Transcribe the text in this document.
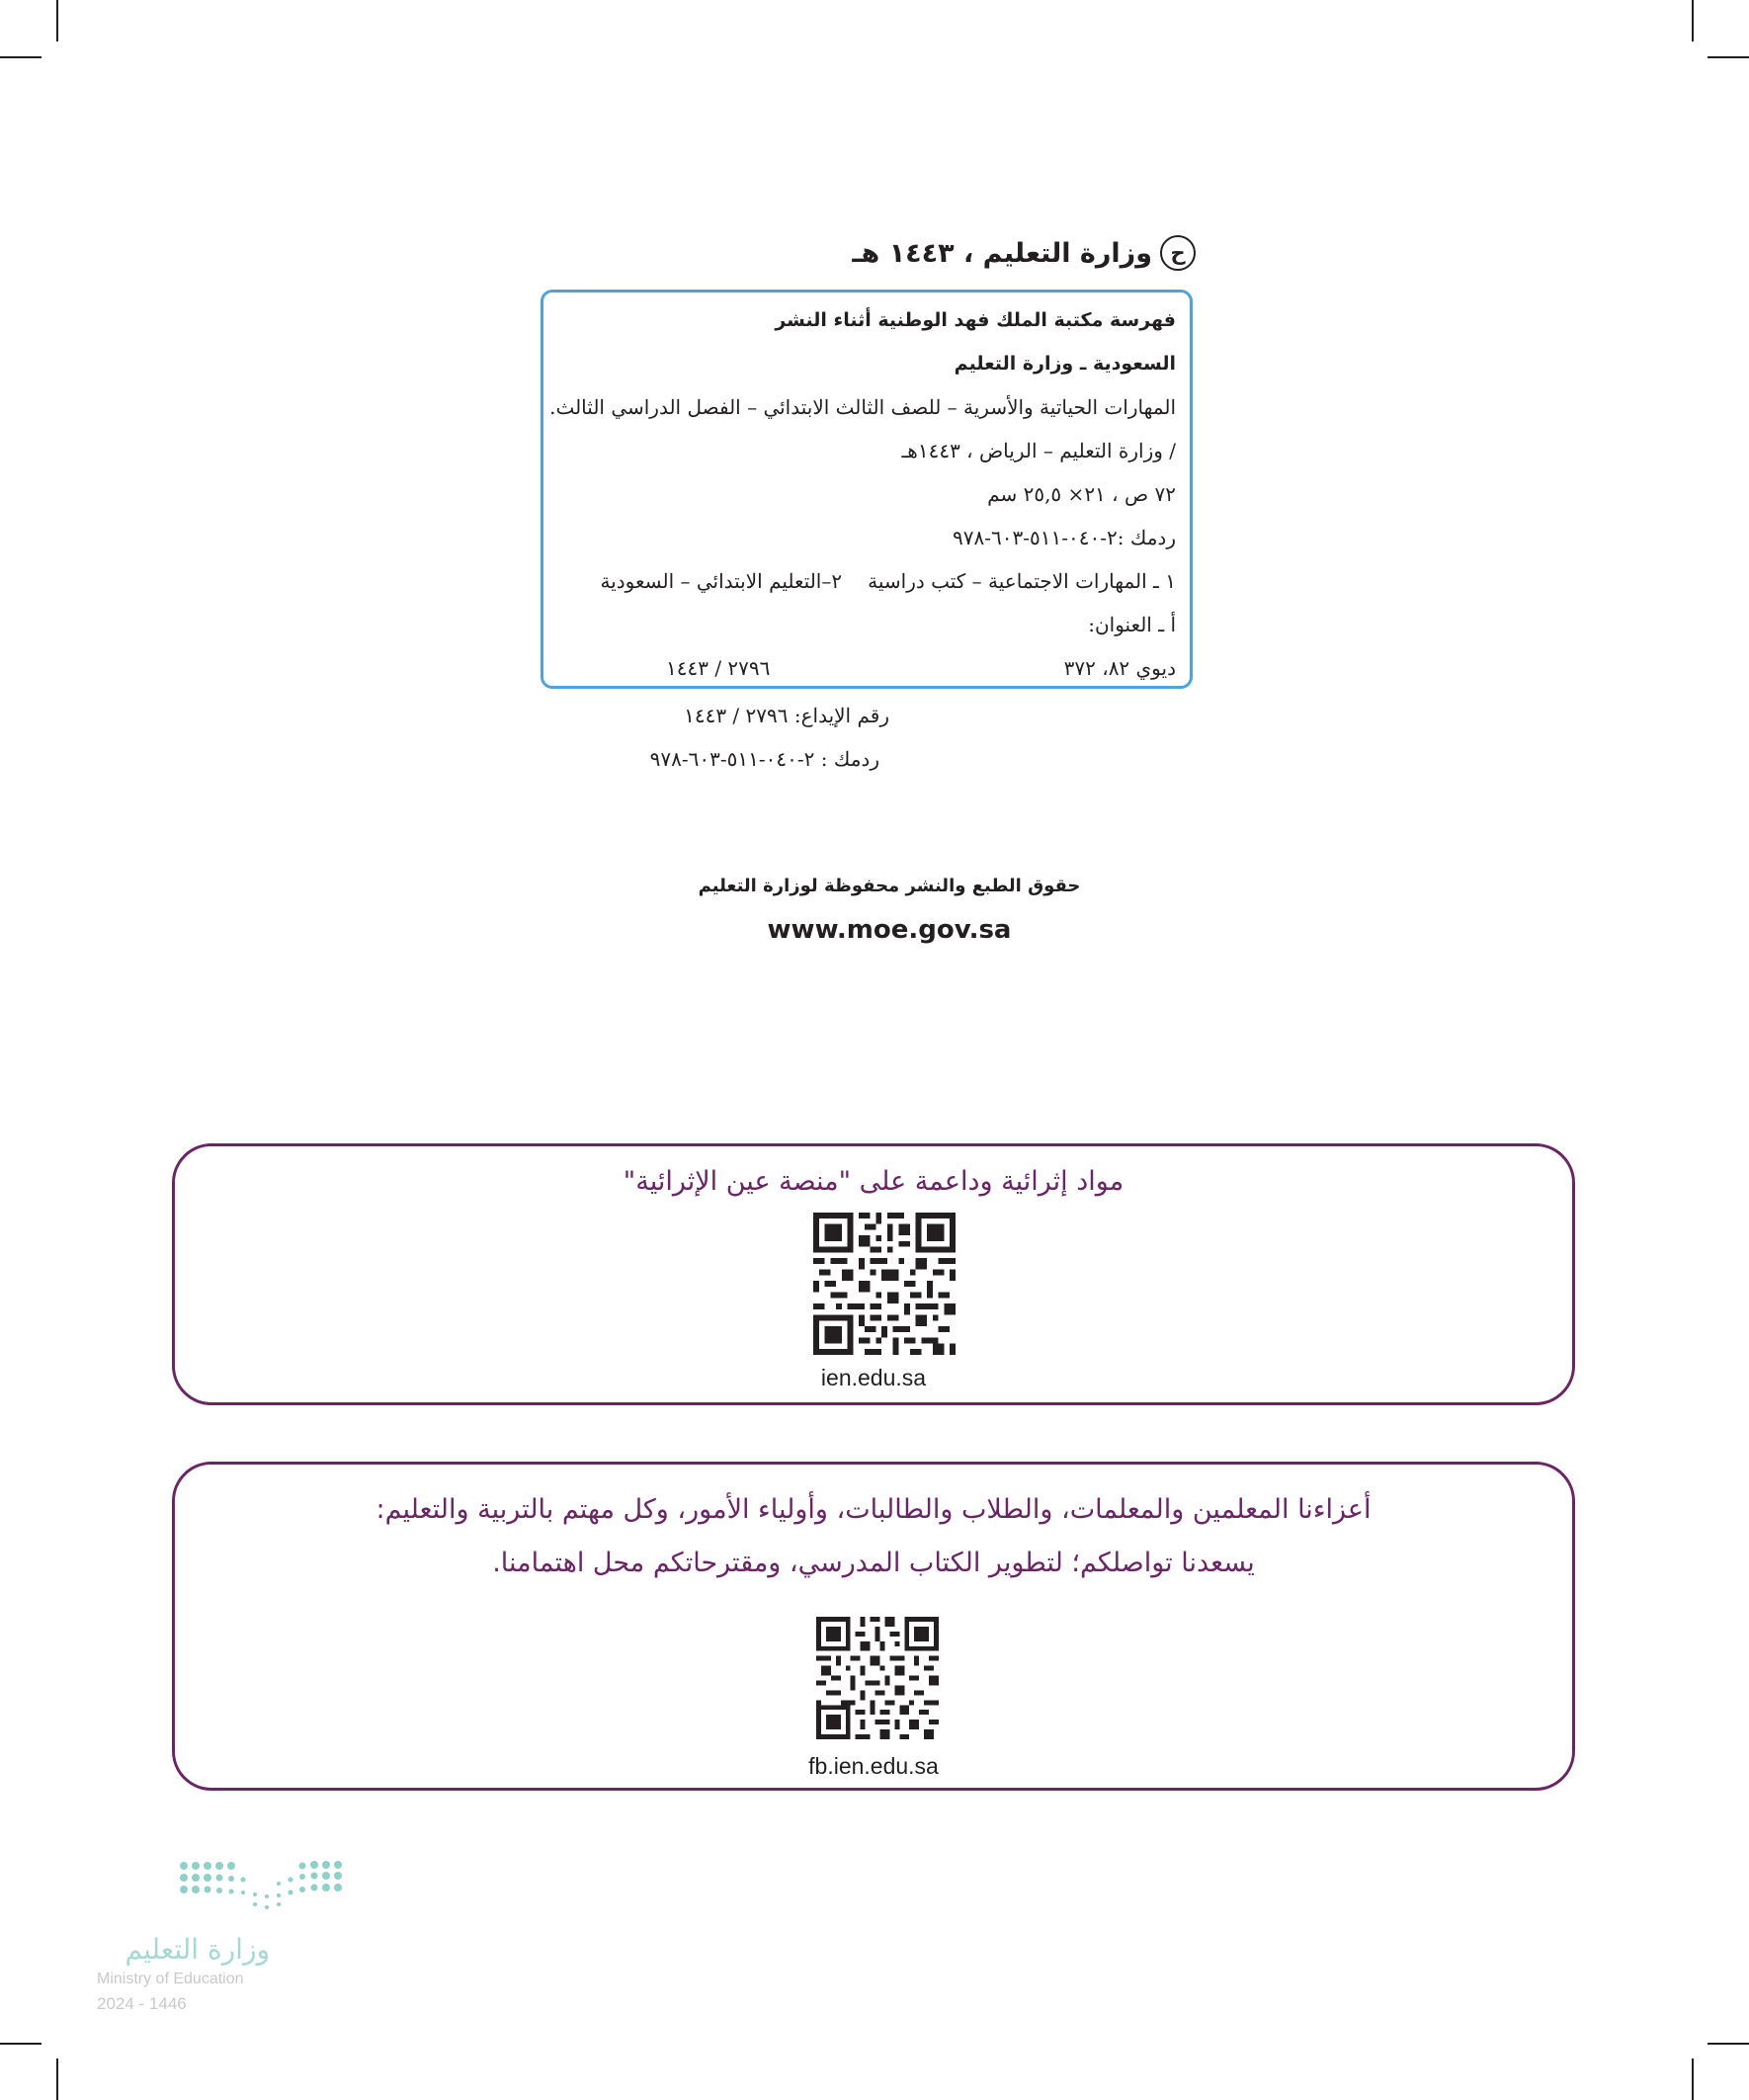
ح
وزارة التعليم ، ١٤٤٣ هـ
فهرسة مكتبة الملك فهد الوطنية أثناء النشر
السعودية ـ وزارة التعليم
المهارات الحياتية والأسرية – للصف الثالث الابتدائي – الفصل الدراسي الثالث.
/ وزارة التعليم – الرياض ، ١٤٤٣هـ
٧٢ ص ، ٢١× ٢٥,٥ سم
ردمك :٢-٠٤٠-٥١١-٦٠٣-٩٧٨
١ ـ المهارات الاجتماعية – كتب دراسية٢–التعليم الابتدائي – السعودية
أ ـ العنوان:
ديوي ٨٢، ٣٧٢
٢٧٩٦ / ١٤٤٣
رقم الإيداع: ٢٧٩٦ / ١٤٤٣
ردمك : ٢-٠٤٠-٥١١-٦٠٣-٩٧٨
حقوق الطبع والنشر محفوظة لوزارة التعليم
www.moe.gov.sa
مواد إثرائية وداعمة على "منصة عين الإثرائية"
ien.edu.sa
أعزاءنا المعلمين والمعلمات، والطلاب والطالبات، وأولياء الأمور، وكل مهتم بالتربية والتعليم:
يسعدنا تواصلكم؛ لتطوير الكتاب المدرسي، ومقترحاتكم محل اهتمامنا.
fb.ien.edu.sa
وزارة التعليم
Ministry of Education
2024 - 1446
